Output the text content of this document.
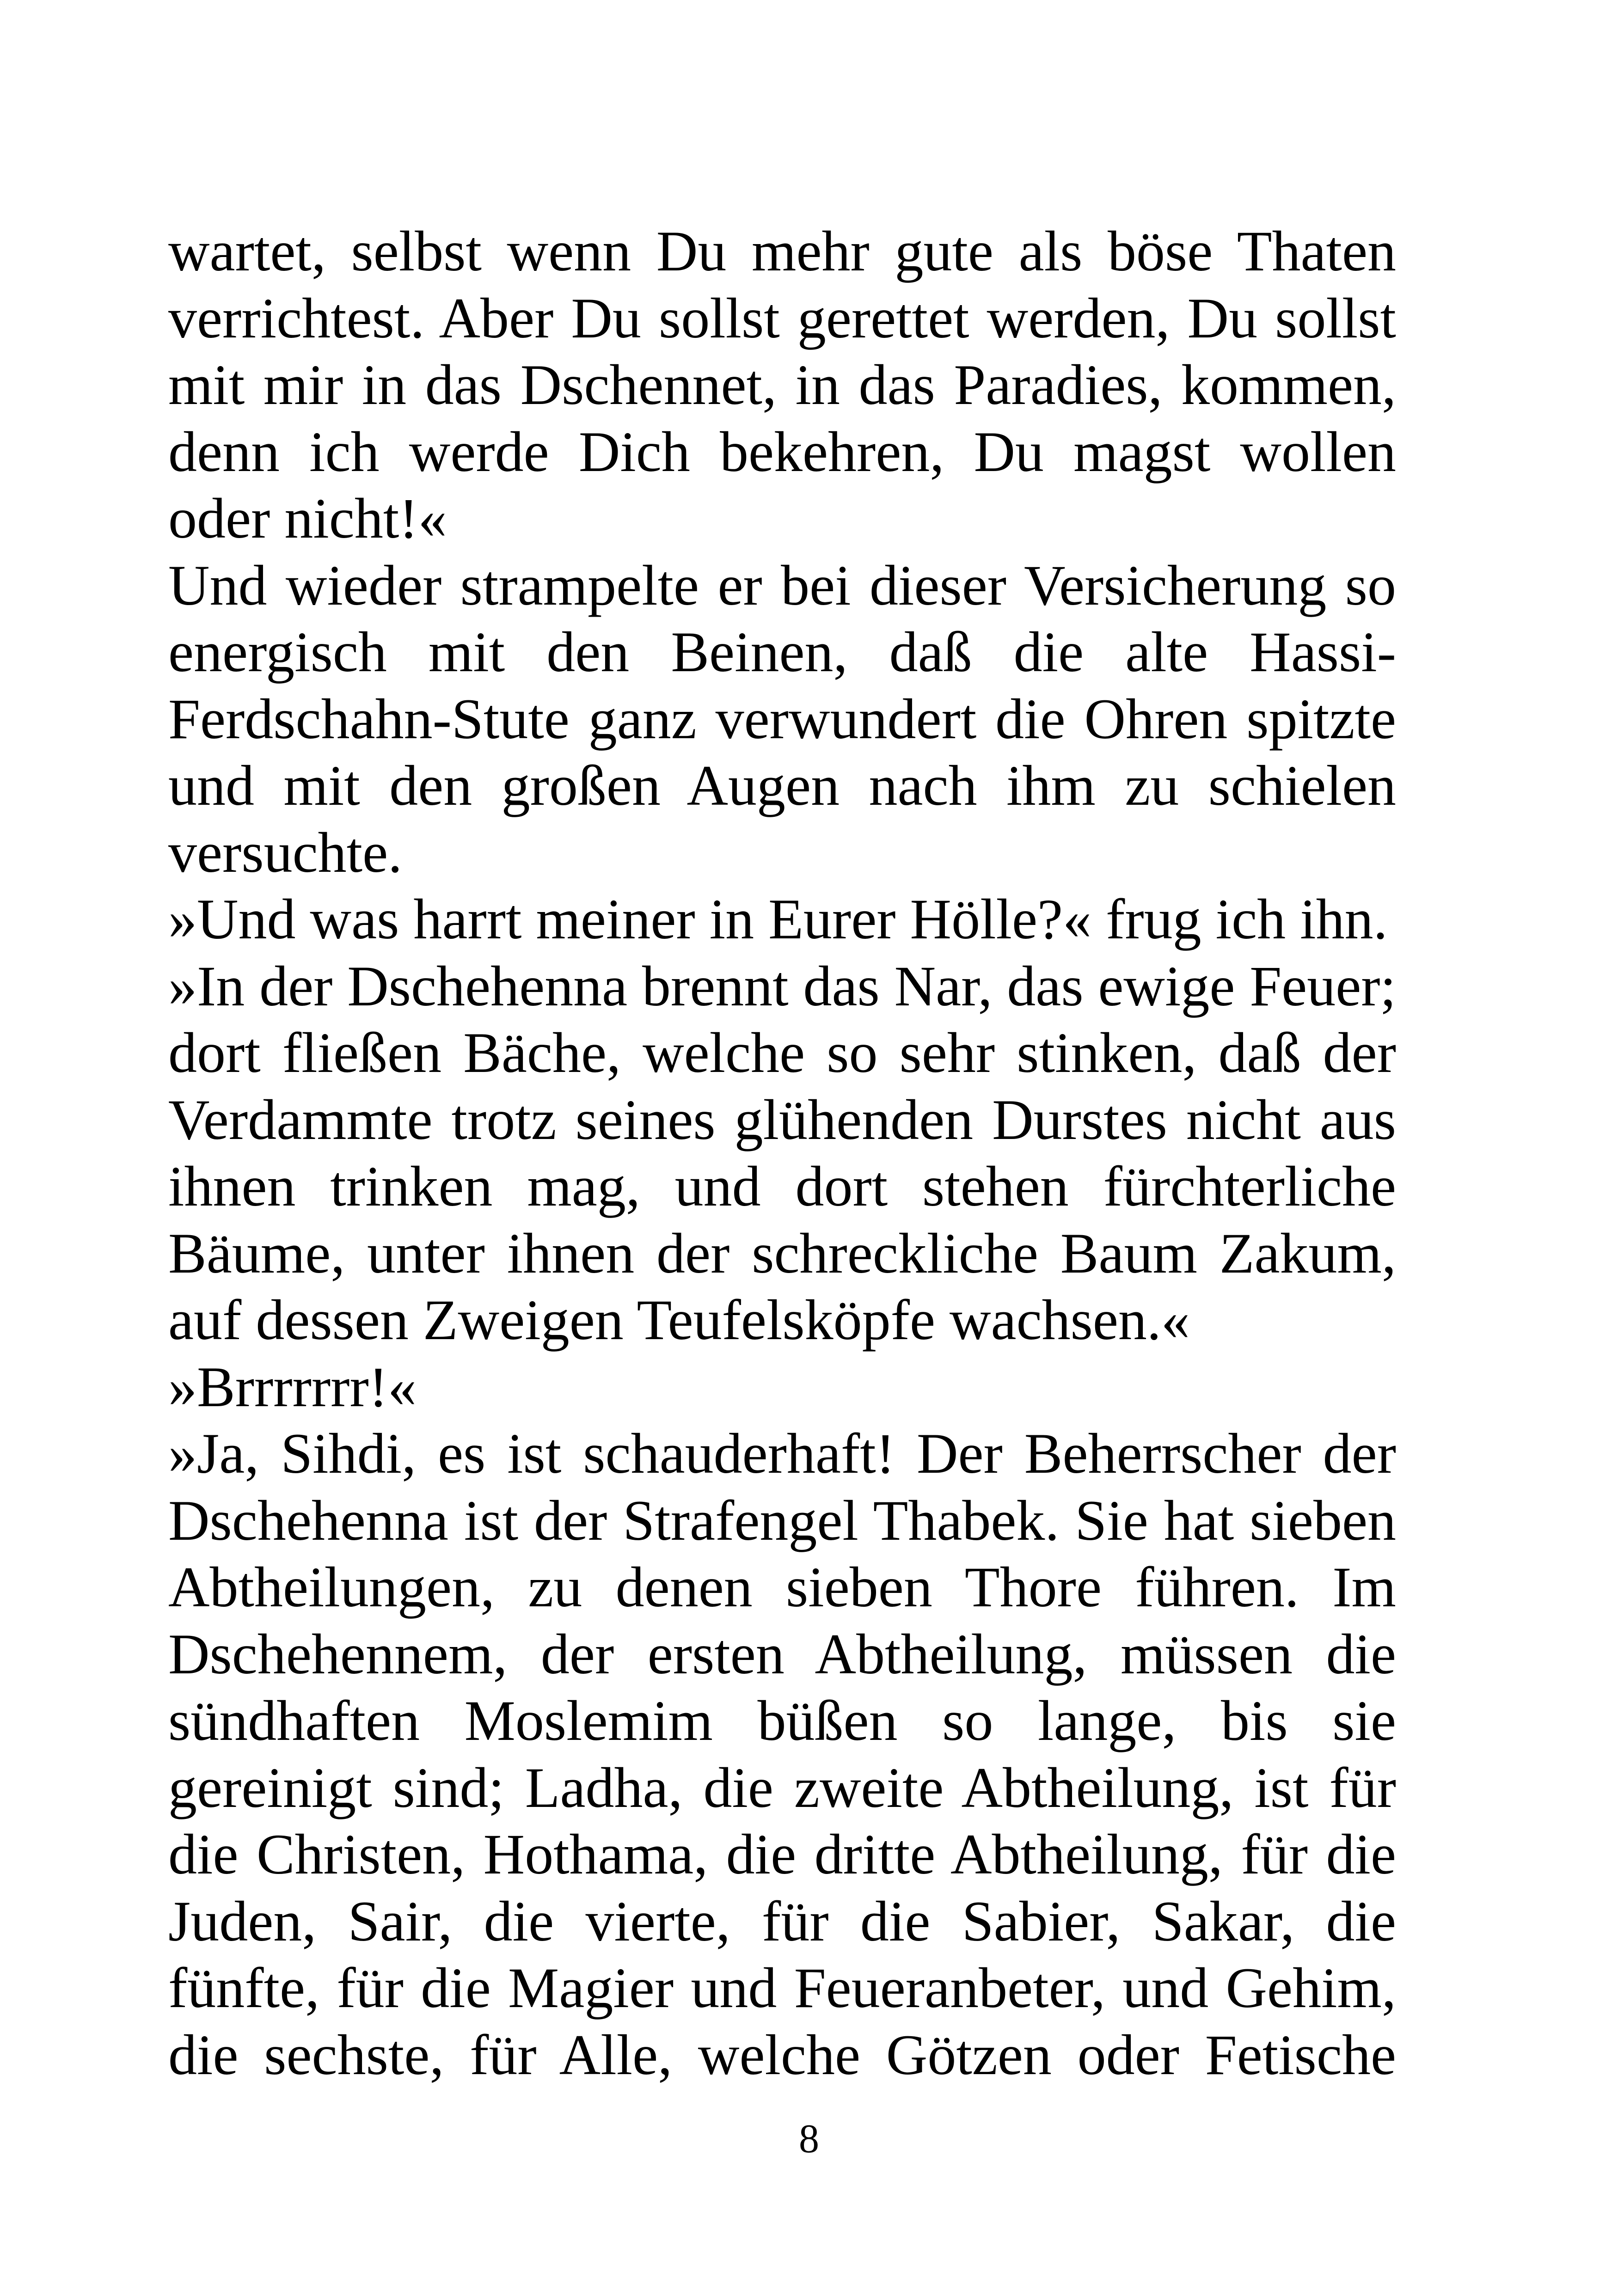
wartet, selbst wenn Du mehr gute als böse Thaten
verrichtest. Aber Du sollst gerettet werden, Du sollst
mit mir in das Dschennet, in das Paradies, kommen,
denn ich werde Dich bekehren, Du magst wollen
oder nicht!«
Und wieder strampelte er bei dieser Versicherung so
energisch mit den Beinen, daß die alte Hassi-
Ferdschahn-Stute ganz verwundert die Ohren spitzte
und mit den großen Augen nach ihm zu schielen
versuchte.
»Und was harrt meiner in Eurer Hölle?« frug ich ihn.
»In der Dschehenna brennt das Nar, das ewige Feuer;
dort fließen Bäche, welche so sehr stinken, daß der
Verdammte trotz seines glühenden Durstes nicht aus
ihnen trinken mag, und dort stehen fürchterliche
Bäume, unter ihnen der schreckliche Baum Zakum,
auf dessen Zweigen Teufelsköpfe wachsen.«
»Brrrrrrr!«
»Ja, Sihdi, es ist schauderhaft! Der Beherrscher der
Dschehenna ist der Strafengel Thabek. Sie hat sieben
Abtheilungen, zu denen sieben Thore führen. Im
Dschehennem, der ersten Abtheilung, müssen die
sündhaften Moslemim büßen so lange, bis sie
gereinigt sind; Ladha, die zweite Abtheilung, ist für
die Christen, Hothama, die dritte Abtheilung, für die
Juden, Sair, die vierte, für die Sabier, Sakar, die
fünfte, für die Magier und Feueranbeter, und Gehim,
die sechste, für Alle, welche Götzen oder Fetische
8
